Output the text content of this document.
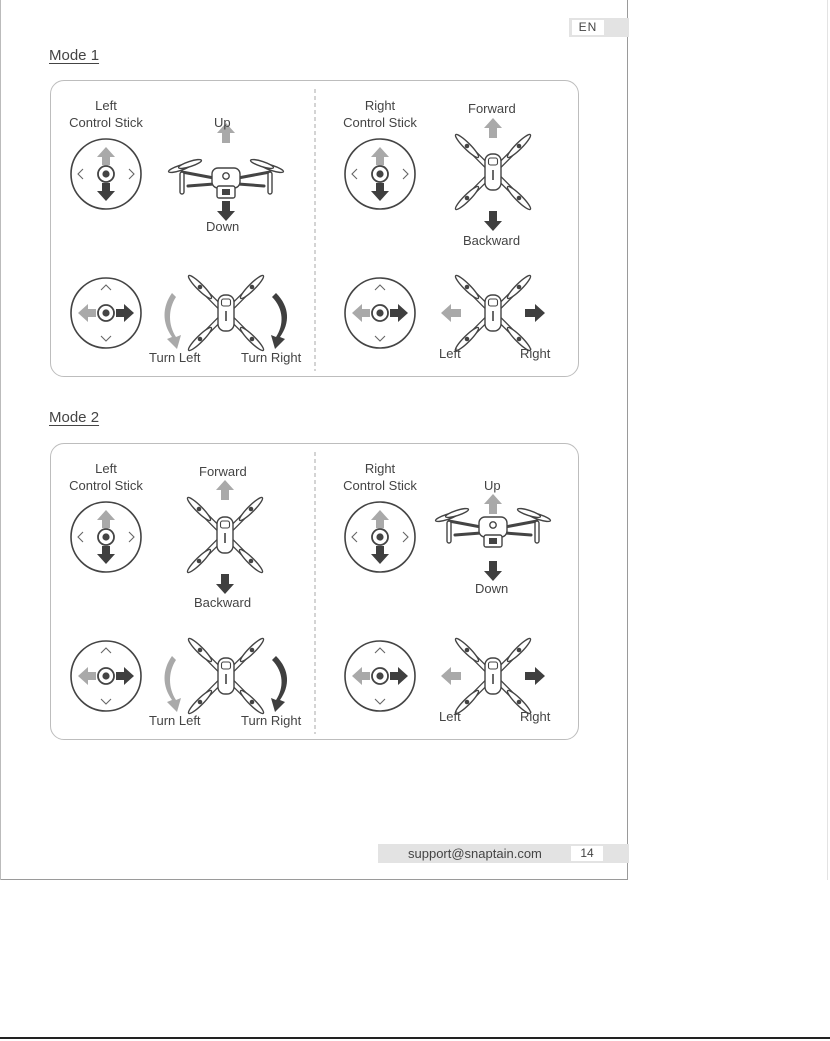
EN
Mode 1
Left
Control Stick
Right
Control Stick
Up
Down
Forward
Backward
Turn Left	Turn Right	Left	Right
Mode 2
Left
Control Stick
Right
Control Stick
Forward
Backward
Up
Down
Turn Left	Turn Right	Left	Right
support@snaptain.com	14
